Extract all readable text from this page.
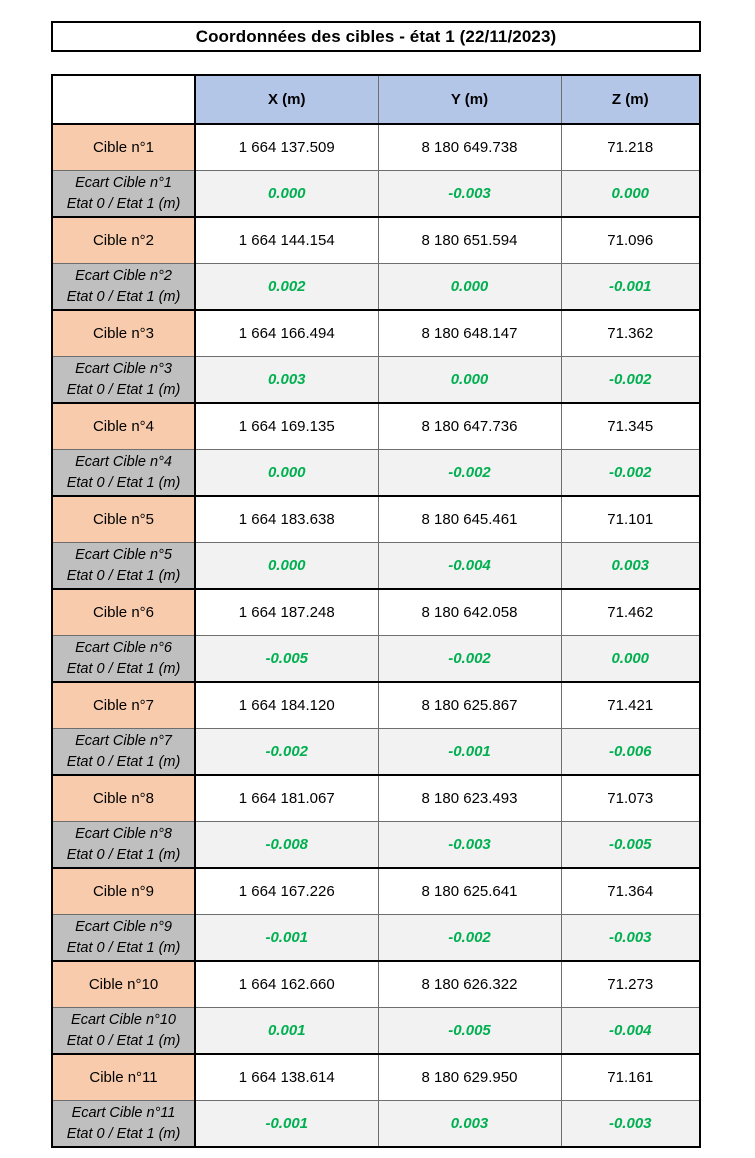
Coordonnées des cibles - état 1 (22/11/2023)
	X (m)	Y (m)	Z (m)
Cible n°1	1 664 137.509	8 180 649.738	71.218

Ecart Cible n°1
Etat 0 / Etat 1 (m)	0.000	-0.003	0.000
Cible n°2	1 664 144.154	8 180 651.594	71.096

Ecart Cible n°2
Etat 0 / Etat 1 (m)	0.002	0.000	-0.001
Cible n°3	1 664 166.494	8 180 648.147	71.362

Ecart Cible n°3
Etat 0 / Etat 1 (m)	0.003	0.000	-0.002
Cible n°4	1 664 169.135	8 180 647.736	71.345

Ecart Cible n°4
Etat 0 / Etat 1 (m)	0.000	-0.002	-0.002
Cible n°5	1 664 183.638	8 180 645.461	71.101

Ecart Cible n°5
Etat 0 / Etat 1 (m)	0.000	-0.004	0.003
Cible n°6	1 664 187.248	8 180 642.058	71.462

Ecart Cible n°6
Etat 0 / Etat 1 (m)	-0.005	-0.002	0.000
Cible n°7	1 664 184.120	8 180 625.867	71.421

Ecart Cible n°7
Etat 0 / Etat 1 (m)	-0.002	-0.001	-0.006
Cible n°8	1 664 181.067	8 180 623.493	71.073

Ecart Cible n°8
Etat 0 / Etat 1 (m)	-0.008	-0.003	-0.005
Cible n°9	1 664 167.226	8 180 625.641	71.364

Ecart Cible n°9
Etat 0 / Etat 1 (m)	-0.001	-0.002	-0.003
Cible n°10	1 664 162.660	8 180 626.322	71.273

Ecart Cible n°10
Etat 0 / Etat 1 (m)	0.001	-0.005	-0.004
Cible n°11	1 664 138.614	8 180 629.950	71.161

Ecart Cible n°11
Etat 0 / Etat 1 (m)	-0.001	0.003	-0.003
